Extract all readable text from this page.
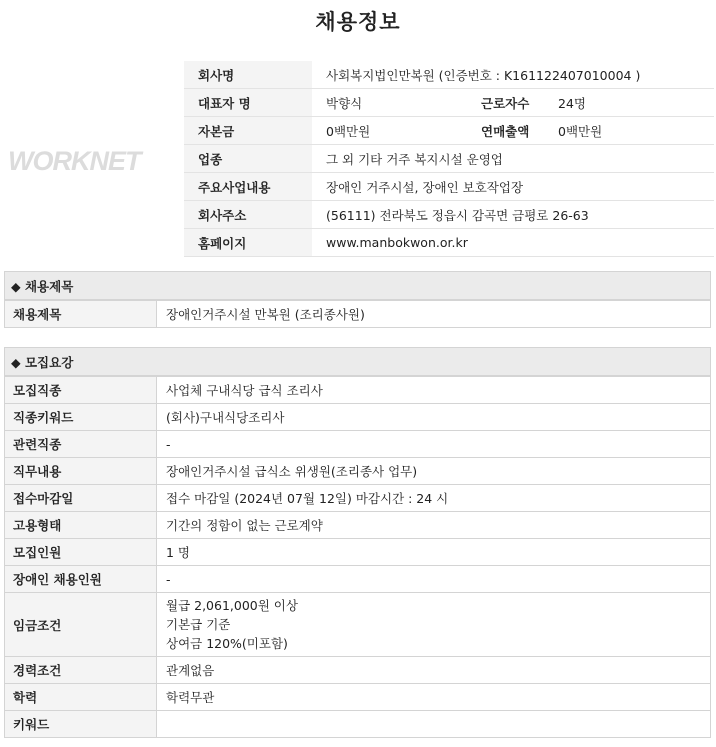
채용정보
WORKNET
회사명	사회복지법인만복원 (인증번호 : K161122407010004 )		
대표자 명	박향식	근로자수	24명
자본금	0백만원	연매출액	0백만원
업종	그 외 기타 거주 복지시설 운영업		
주요사업내용	장애인 거주시설, 장애인 보호작업장		
회사주소	(56111) 전라북도 정읍시 감곡면 금평로 26-63		
홈페이지	www.manbokwon.or.kr		
◆ 채용제목
채용제목	장애인거주시설 만복원 (조리종사원)
◆ 모집요강
모집직종	사업체 구내식당 급식 조리사
직종키워드	(회사)구내식당조리사
관련직종	-
직무내용	장애인거주시설 급식소 위생원(조리종사 업무)
접수마감일	접수 마감일 (2024년 07월 12일) 마감시간 : 24 시
고용형태	기간의 정함이 없는 근로계약
모집인원	1 명
장애인 채용인원	-
임금조건	월급 2,061,000원 이상
기본급 기준
상여금 120%(미포함)

경력조건	관계없음
학력	학력무관
키워드	
